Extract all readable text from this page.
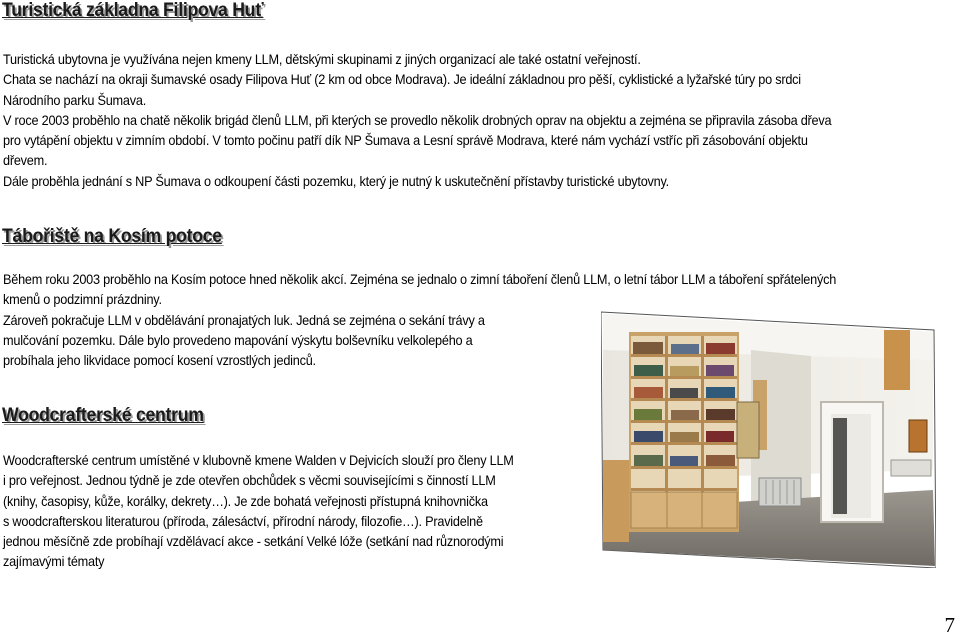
Turistická základna Filipova Huť
Turistická ubytovna je využívána nejen kmeny LLM, dětskými skupinami z jiných organizací ale také ostatní veřejností.
Chata se nachází na okraji šumavské osady Filipova Huť (2 km od obce Modrava). Je ideální základnou pro pěší, cyklistické a lyžařské túry po srdci
Národního parku Šumava.
V roce 2003 proběhlo na chatě několik brigád členů LLM, při kterých se provedlo několik drobných oprav na objektu a zejména se připravila zásoba dřeva
pro vytápění objektu v zimním období. V tomto počinu patří dík NP Šumava a Lesní správě Modrava, které nám vychází vstříc při zásobování objektu
dřevem.
Dále proběhla jednání s NP Šumava o odkoupení části pozemku, který je nutný k uskutečnění přístavby turistické ubytovny.
Tábořiště na Kosím potoce
Během roku 2003 proběhlo na Kosím potoce hned několik akcí. Zejména se jednalo o zimní táboření členů LLM, o letní tábor LLM a táboření spřátelených
kmenů o podzimní prázdniny.
Zároveň pokračuje LLM v obdělávání pronajatých luk. Jedná se zejména o sekání trávy a
mulčování pozemku. Dále bylo provedeno mapování výskytu bolševníku velkolepého a
probíhala jeho likvidace pomocí kosení vzrostlých jedinců.
Woodcrafterské centrum
Woodcrafterské centrum umístěné v klubovně kmene Walden v Dejvicích slouží pro členy LLM
i pro veřejnost. Jednou týdně je zde otevřen obchůdek s věcmi souvisejícími s činností LLM
(knihy, časopisy, kůže, korálky, dekrety…). Je zde bohatá veřejnosti přístupná knihovnička
s woodcrafterskou literaturou (příroda, zálesáctví, přírodní národy, filozofie…). Pravidelně
jednou měsíčně zde probíhají vzdělávací akce - setkání Velké lóže (setkání nad různorodými
zajímavými tématy
7
